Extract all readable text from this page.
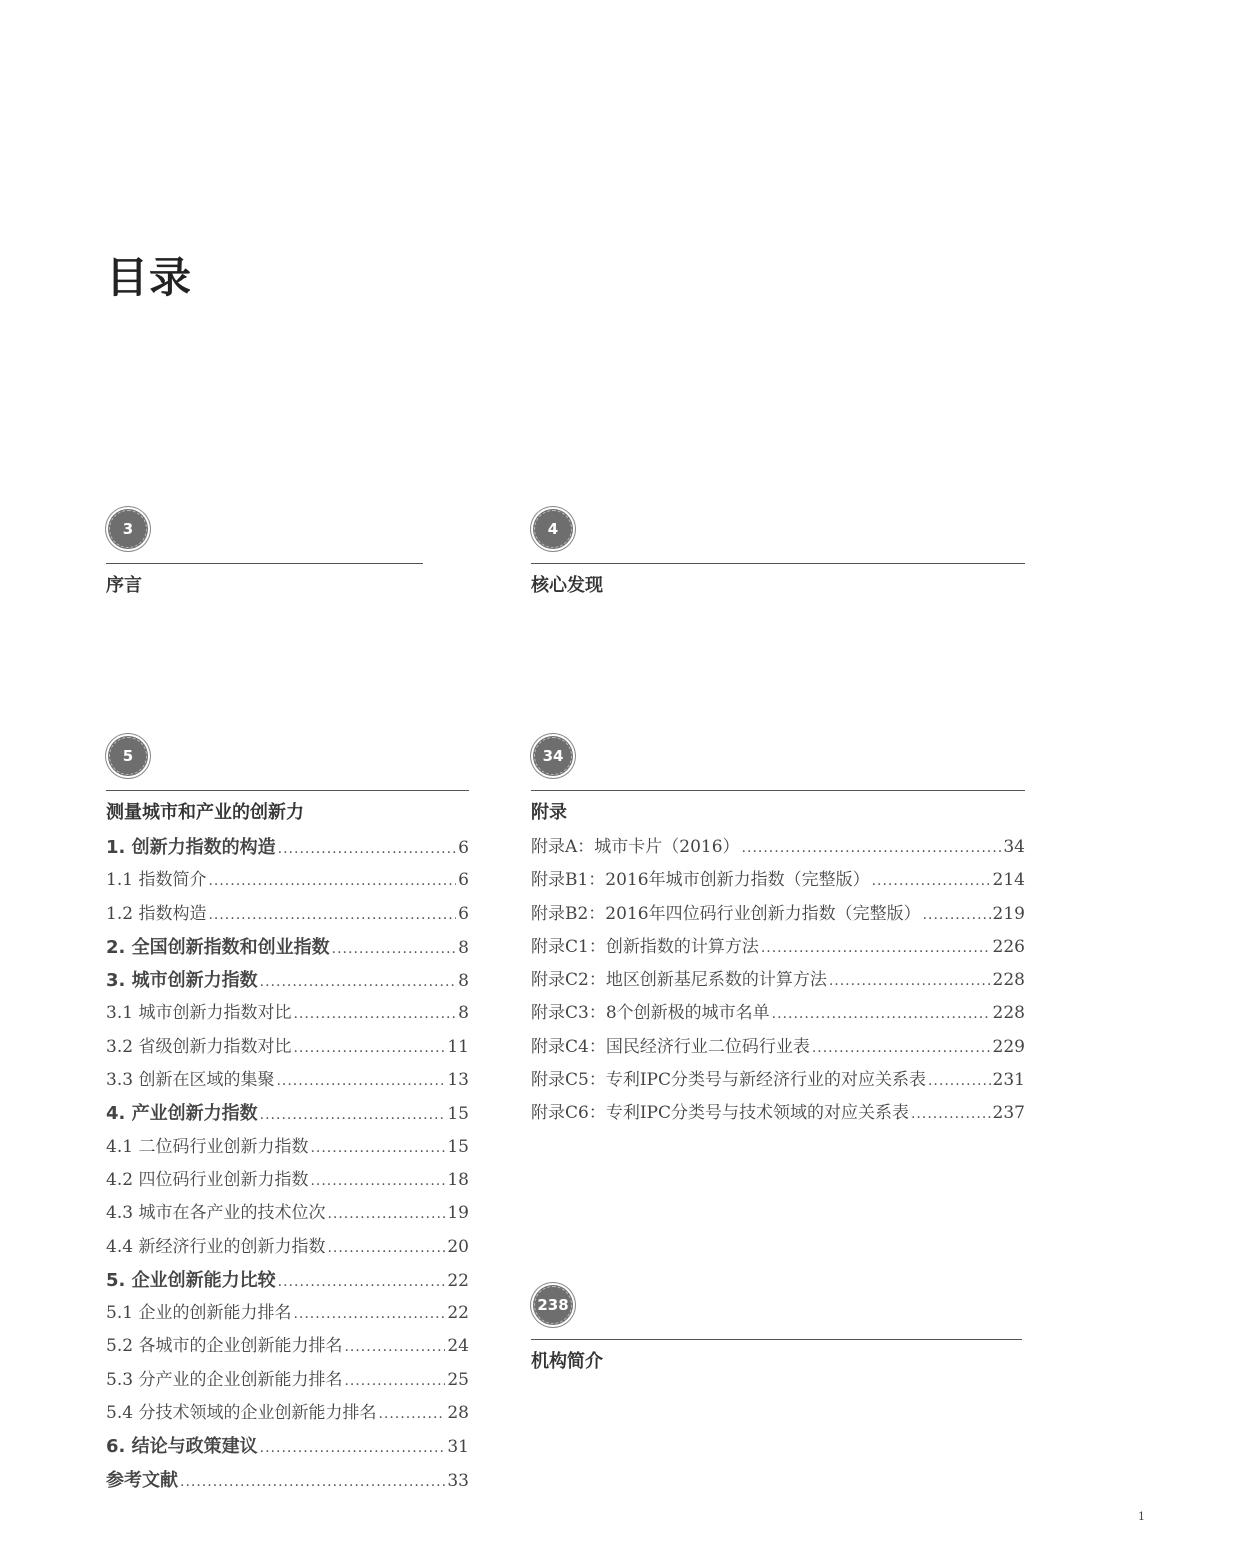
目录
3
序言
4
核心发现
5
测量城市和产业的创新力
1. 创新力指数的构造 .....	6
1.1 指数简介 .....	6
1.2 指数构造 .....	6
2. 全国创新指数和创业指数 .....	8
3. 城市创新力指数 .....	8
3.1 城市创新力指数对比 .....	8
3.2 省级创新力指数对比 .....	11
3.3 创新在区域的集聚 .....	13
4. 产业创新力指数 .....	15
4.1 二位码行业创新力指数 .....	15
4.2 四位码行业创新力指数 .....	18
4.3 城市在各产业的技术位次 .....	19
4.4 新经济行业的创新力指数 .....	20
5. 企业创新能力比较 .....	22
5.1 企业的创新能力排名 .....	22
5.2 各城市的企业创新能力排名 .....	24
5.3 分产业的企业创新能力排名 .....	25
5.4 分技术领域的企业创新能力排名 .....	28
6. 结论与政策建议 .....	31
参考文献 .....	33
34
附录
附录A：城市卡片（2016） .....	34
附录B1：2016年城市创新力指数（完整版） .....	214
附录B2：2016年四位码行业创新力指数（完整版） .....	219
附录C1：创新指数的计算方法 .....	226
附录C2：地区创新基尼系数的计算方法 .....	228
附录C3：8个创新极的城市名单 .....	228
附录C4：国民经济行业二位码行业表 .....	229
附录C5：专利IPC分类号与新经济行业的对应关系表 .....	231
附录C6：专利IPC分类号与技术领域的对应关系表 .....	237
238
机构简介
1
